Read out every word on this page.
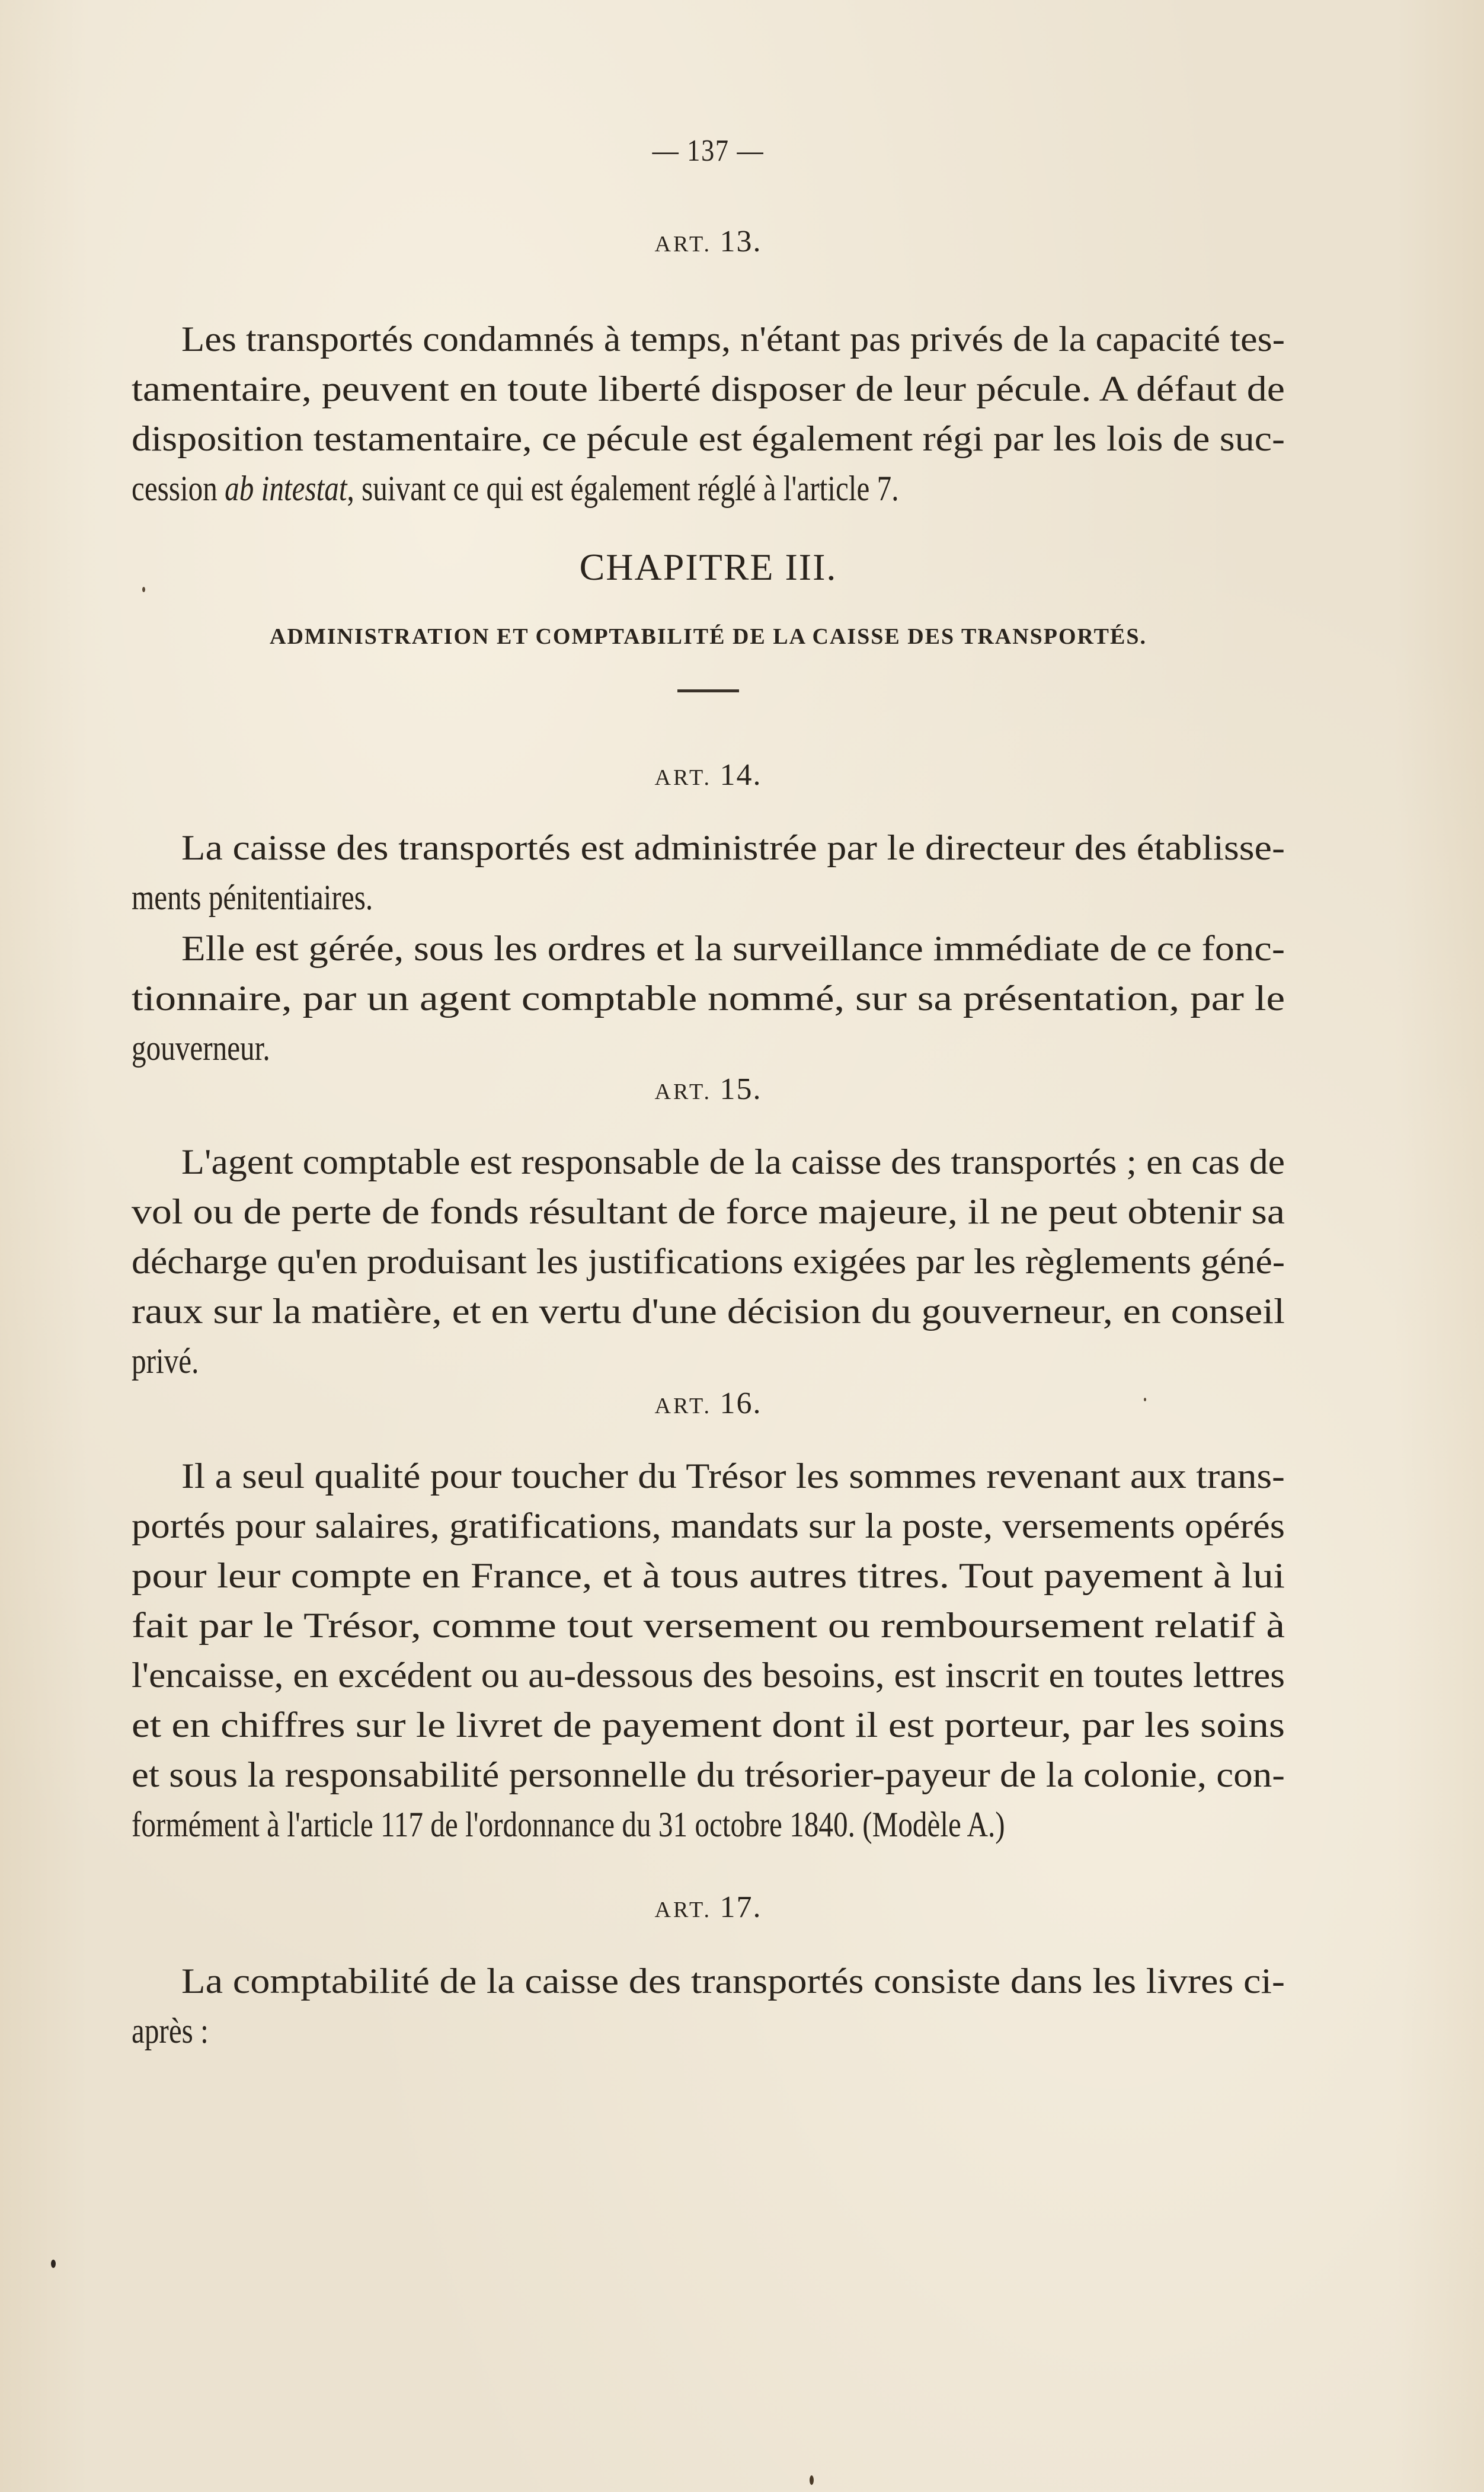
— 137 —
ART. 13.
Les transportés condamnés à temps, n'étant pas privés de la capacité tes-
tamentaire, peuvent en toute liberté disposer de leur pécule. A défaut de
disposition testamentaire, ce pécule est également régi par les lois de suc-
cession ab intestat, suivant ce qui est également réglé à l'article 7.
CHAPITRE III.
ADMINISTRATION ET COMPTABILITÉ DE LA CAISSE DES TRANSPORTÉS.
ART. 14.
La caisse des transportés est administrée par le directeur des établisse-
ments pénitentiaires.
Elle est gérée, sous les ordres et la surveillance immédiate de ce fonc-
tionnaire, par un agent comptable nommé, sur sa présentation, par le
gouverneur.
ART. 15.
L'agent comptable est responsable de la caisse des transportés ; en cas de
vol ou de perte de fonds résultant de force majeure, il ne peut obtenir sa
décharge qu'en produisant les justifications exigées par les règlements géné-
raux sur la matière, et en vertu d'une décision du gouverneur, en conseil
privé.
ART. 16.
Il a seul qualité pour toucher du Trésor les sommes revenant aux trans-
portés pour salaires, gratifications, mandats sur la poste, versements opérés
pour leur compte en France, et à tous autres titres. Tout payement à lui
fait par le Trésor, comme tout versement ou remboursement relatif à
l'encaisse, en excédent ou au-dessous des besoins, est inscrit en toutes lettres
et en chiffres sur le livret de payement dont il est porteur, par les soins
et sous la responsabilité personnelle du trésorier-payeur de la colonie, con-
formément à l'article 117 de l'ordonnance du 31 octobre 1840. (Modèle A.)
ART. 17.
La comptabilité de la caisse des transportés consiste dans les livres ci-
après :
